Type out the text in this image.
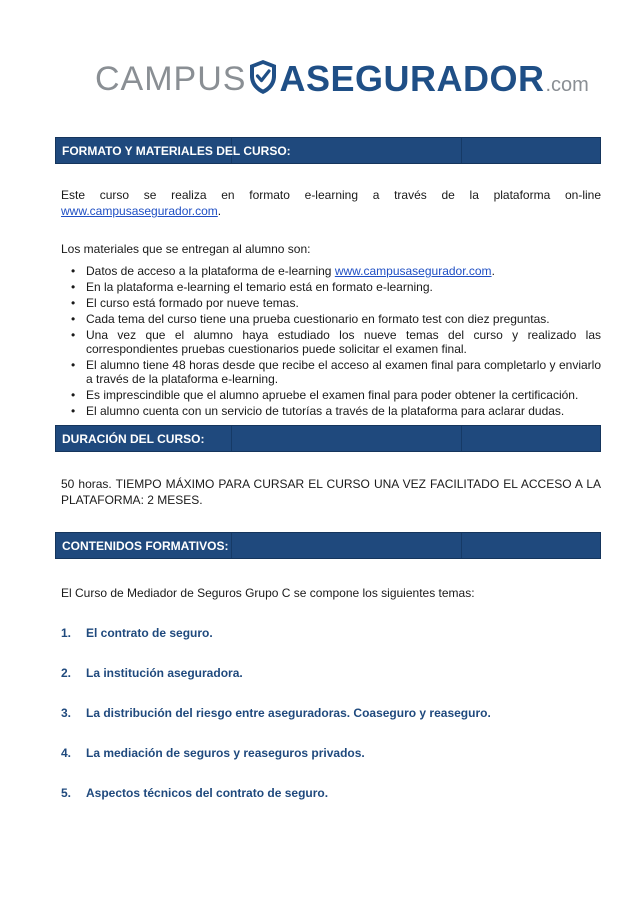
CAMPUS ASEGURADOR .com
FORMATO Y MATERIALES DEL CURSO:
Este curso se realiza en formato e-learning a través de la plataforma on-line
www.campusasegurador.com.
Los materiales que se entregan al alumno son:
• Datos de acceso a la plataforma de e-learning www.campusasegurador.com.
• En la plataforma e-learning el temario está en formato e-learning.
• El curso está formado por nueve temas.
• Cada tema del curso tiene una prueba cuestionario en formato test con diez preguntas.
• Una vez que el alumno haya estudiado los nueve temas del curso y realizado las correspondientes pruebas cuestionarios puede solicitar el examen final.
• El alumno tiene 48 horas desde que recibe el acceso al examen final para completarlo y enviarlo a través de la plataforma e-learning.
• Es imprescindible que el alumno apruebe el examen final para poder obtener la certificación.
• El alumno cuenta con un servicio de tutorías a través de la plataforma para aclarar dudas.
DURACIÓN DEL CURSO:
50 horas. TIEMPO MÁXIMO PARA CURSAR EL CURSO UNA VEZ FACILITADO EL ACCESO A LA PLATAFORMA: 2 MESES.
CONTENIDOS FORMATIVOS:
El Curso de Mediador de Seguros Grupo C se compone los siguientes temas:
1.	El contrato de seguro.
2.	La institución aseguradora.
3.	La distribución del riesgo entre aseguradoras. Coaseguro y reaseguro.
4.	La mediación de seguros y reaseguros privados.
5.	Aspectos técnicos del contrato de seguro.
